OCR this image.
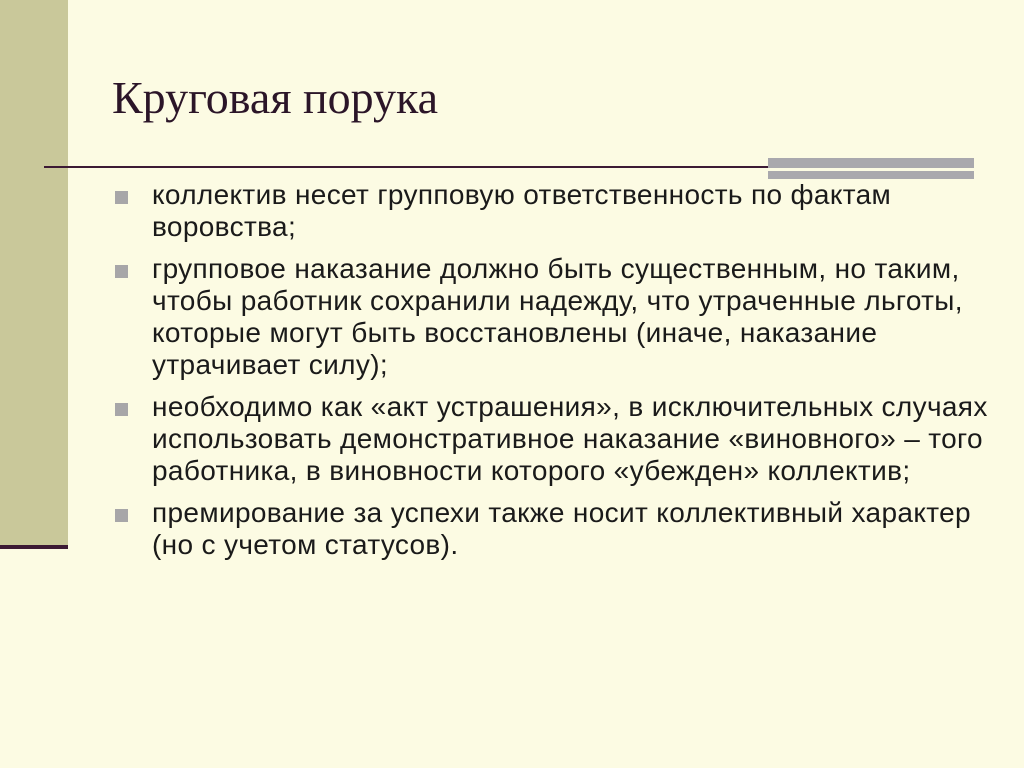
Круговая порука
коллектив несет групповую ответственность по фактам воровства;
групповое наказание должно быть существенным, но таким, чтобы работник сохранили надежду, что утраченные льготы, которые могут быть восстановлены (иначе, наказание утрачивает силу);
необходимо как «акт устрашения», в исключительных случаях использовать демонстративное наказание «виновного» – того работника, в виновности которого «убежден» коллектив;
премирование за успехи также носит коллективный характер (но с учетом статусов).
